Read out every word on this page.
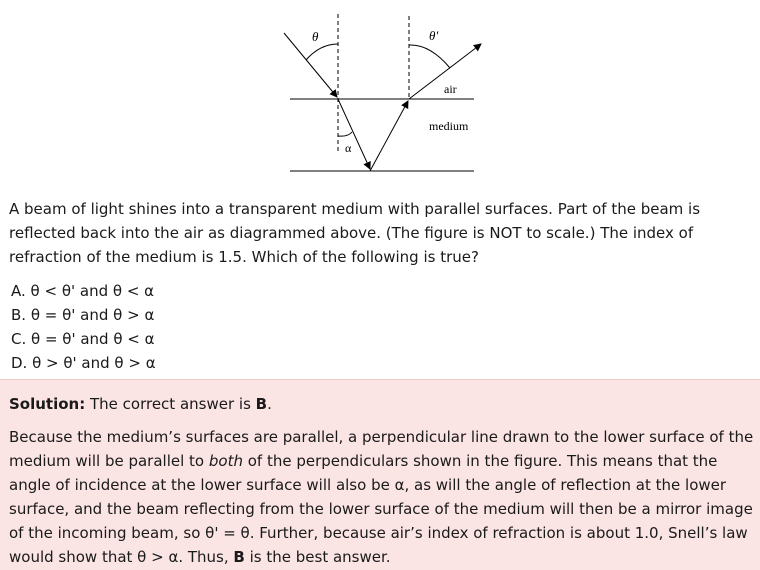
θ	θ'
α
air
medium

A beam of light shines into a transparent medium with parallel surfaces. Part of the beam is reflected back into the air as diagrammed above. (The figure is NOT to scale.) The index of refraction of the medium is 1.5. Which of the following is true?

A. θ < θ' and θ < α
B. θ = θ' and θ > α
C. θ = θ' and θ < α
D. θ > θ' and θ > α

Solution: The correct answer is B.

Because the medium’s surfaces are parallel, a perpendicular line drawn to the lower surface of the medium will be parallel to both of the perpendiculars shown in the figure. This means that the angle of incidence at the lower surface will also be α, as will the angle of reflection at the lower surface, and the beam reflecting from the lower surface of the medium will then be a mirror image of the incoming beam, so θ' = θ. Further, because air’s index of refraction is about 1.0, Snell’s law would show that θ > α. Thus, B is the best answer.
